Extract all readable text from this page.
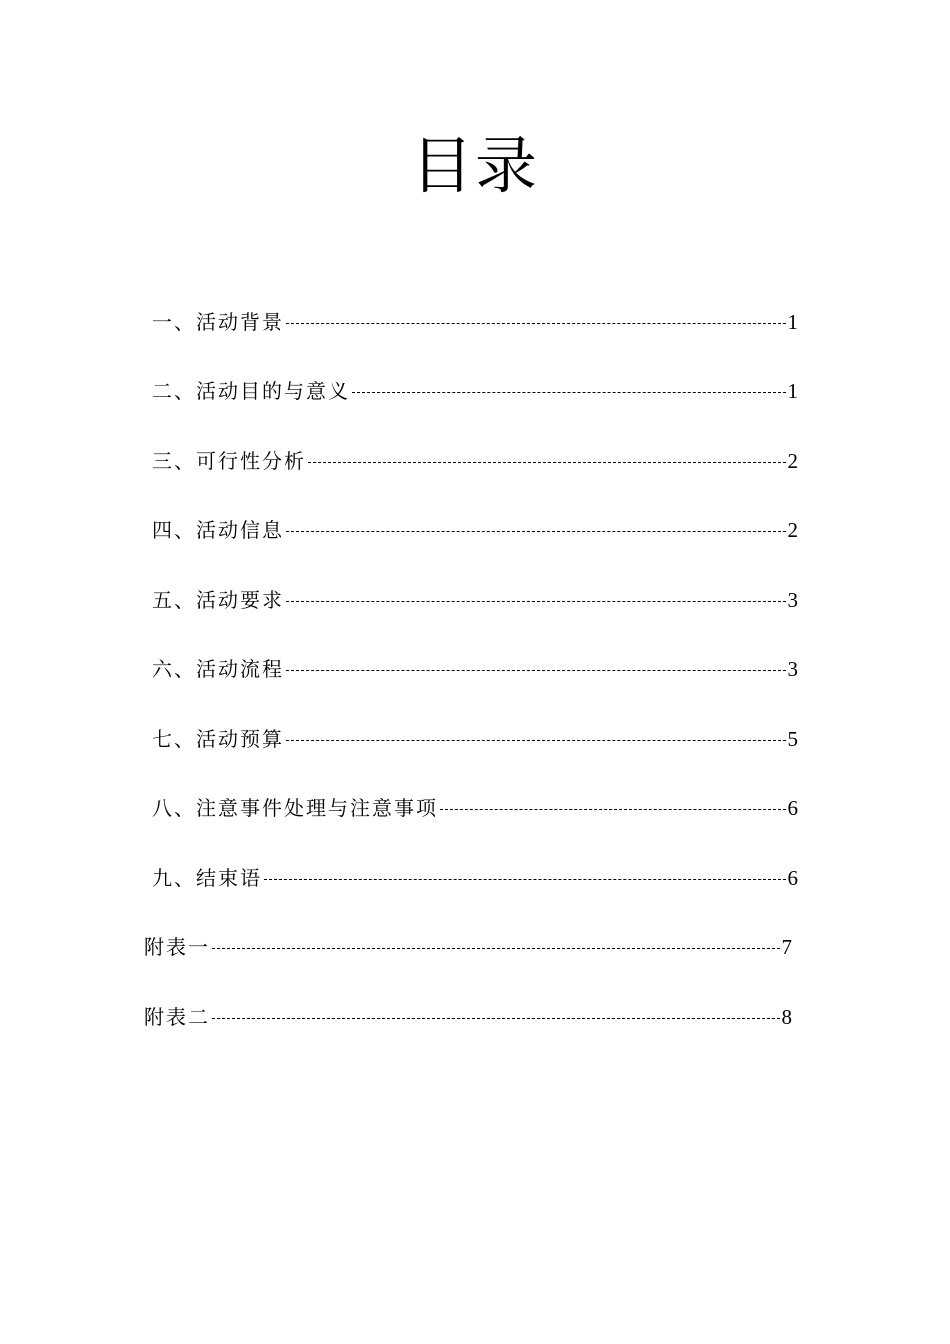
目录
一、活动背景	1
二、活动目的与意义	1
三、可行性分析	2
四、活动信息	2
五、活动要求	3
六、活动流程	3
七、活动预算	5
八、注意事件处理与注意事项	6
九、结束语	6
附表一	7
附表二	8
